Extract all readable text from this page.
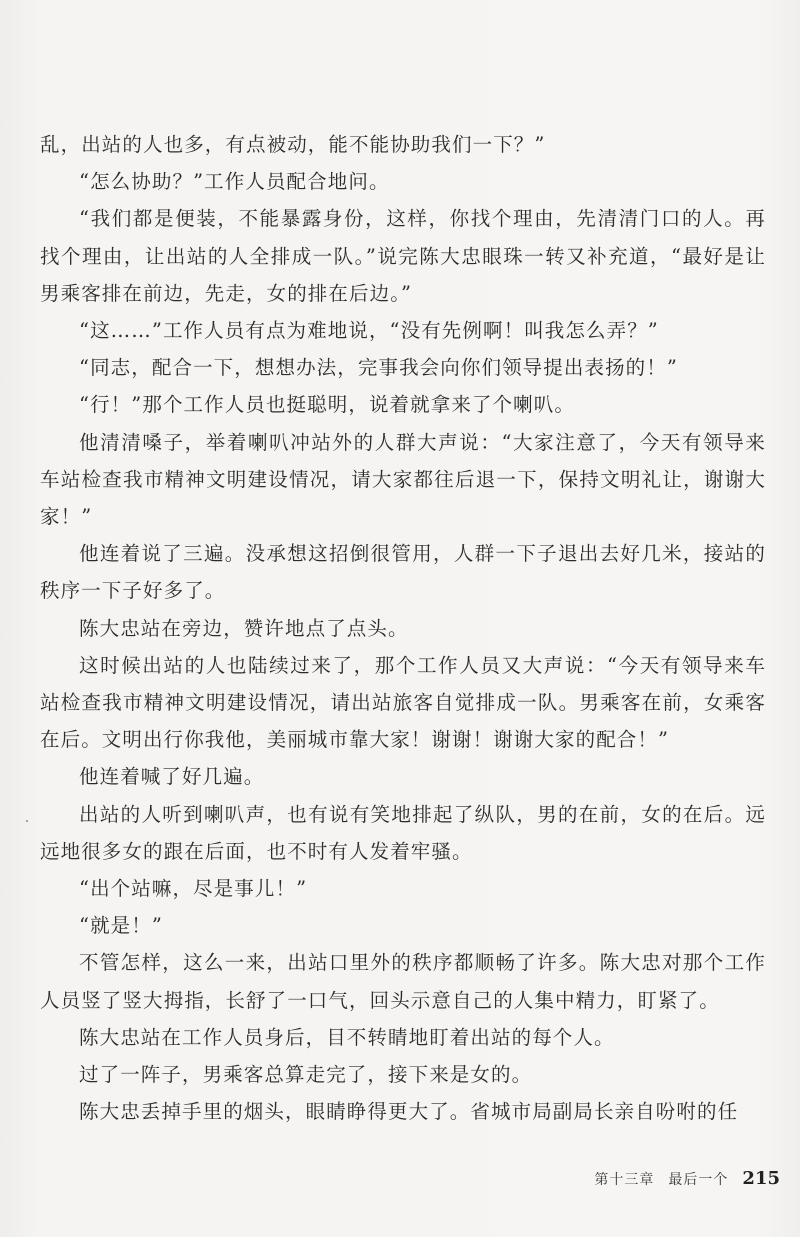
乱，出站的人也多，有点被动，能不能协助我们一下？”

“怎么协助？”工作人员配合地问。

“我们都是便装，不能暴露身份，这样，你找个理由，先清清门口的人。再找个理由，让出站的人全排成一队。”说完陈大忠眼珠一转又补充道，“最好是让男乘客排在前边，先走，女的排在后边。”

“这……”工作人员有点为难地说，“没有先例啊！叫我怎么弄？”

“同志，配合一下，想想办法，完事我会向你们领导提出表扬的！”

“行！”那个工作人员也挺聪明，说着就拿来了个喇叭。

他清清嗓子，举着喇叭冲站外的人群大声说：“大家注意了，今天有领导来车站检查我市精神文明建设情况，请大家都往后退一下，保持文明礼让，谢谢大家！”

他连着说了三遍。没承想这招倒很管用，人群一下子退出去好几米，接站的秩序一下子好多了。

陈大忠站在旁边，赞许地点了点头。

这时候出站的人也陆续过来了，那个工作人员又大声说：“今天有领导来车站检查我市精神文明建设情况，请出站旅客自觉排成一队。男乘客在前，女乘客在后。文明出行你我他，美丽城市靠大家！谢谢！谢谢大家的配合！”

他连着喊了好几遍。

出站的人听到喇叭声，也有说有笑地排起了纵队，男的在前，女的在后。远远地很多女的跟在后面，也不时有人发着牢骚。

“出个站嘛，尽是事儿！”

“就是！”

不管怎样，这么一来，出站口里外的秩序都顺畅了许多。陈大忠对那个工作人员竖了竖大拇指，长舒了一口气，回头示意自己的人集中精力，盯紧了。

陈大忠站在工作人员身后，目不转睛地盯着出站的每个人。

过了一阵子，男乘客总算走完了，接下来是女的。

陈大忠丢掉手里的烟头，眼睛睁得更大了。省城市局副局长亲自吩咐的任

第十三章 最后一个 215
